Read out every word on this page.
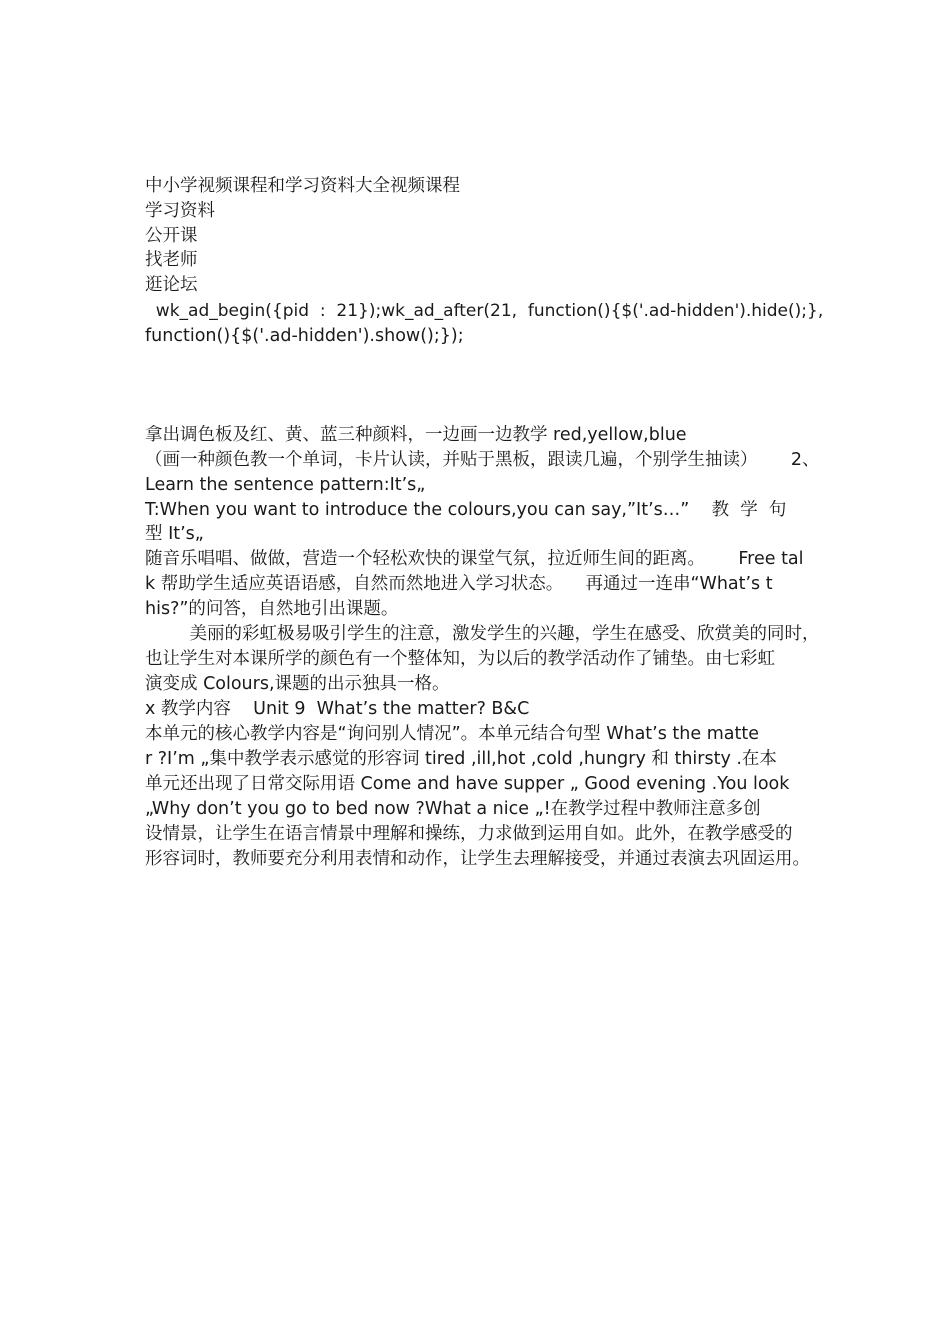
中小学视频课程和学习资料大全视频课程
学习资料
公开课
找老师
逛论坛
wk_ad_begin({pid  :  21});wk_ad_after(21,  function(){$('.ad-hidden').hide();},
function(){$('.ad-hidden').show();});
拿出调色板及红、黄、蓝三种颜料，一边画一边教学 red,yellow,blue
（画一种颜色教一个单词，卡片认读，并贴于黑板，跟读几遍，个别学生抽读）      2、
Learn the sentence pattern:It’s„
T:When you want to introduce the colours,you can say,”It’s…”    教  学  句
型 It’s„
随音乐唱唱、做做，营造一个轻松欢快的课堂气氛，拉近师生间的距离。      Free tal
k 帮助学生适应英语语感，自然而然地进入学习状态。    再通过一连串“What’s t
his?”的问答，自然地引出课题。
美丽的彩虹极易吸引学生的注意，激发学生的兴趣，学生在感受、欣赏美的同时，
也让学生对本课所学的颜色有一个整体知，为以后的教学活动作了铺垫。由七彩虹
演变成 Colours,课题的出示独具一格。
x 教学内容    Unit 9  What’s the matter? B&C
本单元的核心教学内容是“询问别人情况”。本单元结合句型 What’s the matte
r ?I’m „集中教学表示感觉的形容词 tired ,ill,hot ,cold ,hungry 和 thirsty .在本
单元还出现了日常交际用语 Come and have supper „ Good evening .You look
„Why don’t you go to bed now ?What a nice „!在教学过程中教师注意多创
设情景，让学生在语言情景中理解和操练，力求做到运用自如。此外，在教学感受的
形容词时，教师要充分利用表情和动作，让学生去理解接受，并通过表演去巩固运用。
